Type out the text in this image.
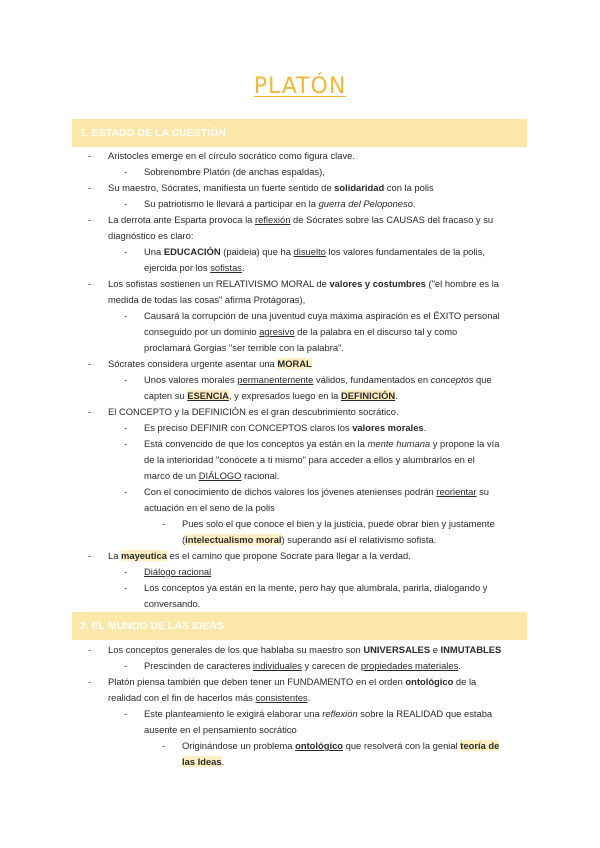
PLATÓN
1. ESTADO DE LA CUESTIÓN
- Aristocles emerge en el círculo socrático como figura clave.
- Sobrenombre Platón (de anchas espaldas),
- Su maestro, Sócrates, manifiesta un fuerte sentido de solidaridad con la polis
- Su patriotismo le llevará a participar en la guerra del Peloponeso.
- La derrota ante Esparta provoca la reflexión de Sócrates sobre las CAUSAS del fracaso y su
diagnóstico es claro:
- Una EDUCACIÓN (paideia) que ha disuelto los valores fundamentales de la polis,
ejercida por los sofistas.
- Los sofistas sostienen un RELATIVISMO MORAL de valores y costumbres ("el hombre es la
medida de todas las cosas" afirma Protágoras),
- Causará la corrupción de una juventud cuya máxima aspiración es el ÉXITO personal
conseguido por un dominio agresivo de la palabra en el discurso tal y como
proclamará Gorgias "ser terrible con la palabra".
- Sócrates considera urgente asentar una MORAL
- Unos valores morales permanentemente válidos, fundamentados en conceptos que
capten su ESENCIA, y expresados luego en la DEFINICIÓN.
- El CONCEPTO y la DEFINICIÓN es el gran descubrimiento socrático.
- Es preciso DEFINIR con CONCEPTOS claros los valores morales.
- Está convencido de que los conceptos ya están en la mente humana y propone la vía
de la interioridad "conócete a ti mismo" para acceder a ellos y alumbrarlos en el
marco de un DIÁLOGO racional.
- Con el conocimiento de dichos valores los jóvenes atenienses podrán reorientar su
actuación en el seno de la polis
- Pues solo el que conoce el bien y la justicia, puede obrar bien y justamente
(intelectualismo moral) superando así el relativismo sofista.
- La mayeutica es el camino que propone Socrate para llegar a la verdad.
- Diálogo racional
- Los conceptos ya están en la mente, pero hay que alumbrala, parirla, dialogando y
conversando.
2. EL MUNDO DE LAS IDEAS
- Los conceptos generales de los que hablaba su maestro son UNIVERSALES e INMUTABLES
- Prescinden de caracteres individuales y carecen de propiedades materiales.
- Platón piensa también que deben tener un FUNDAMENTO en el orden ontológico de la
realidad con el fin de hacerlos más consistentes.
- Este planteamiento le exigirá elaborar una reflexión sobre la REALIDAD que estaba
ausente en el pensamiento socrático
- Originándose un problema ontológico que resolverá con la genial teoría de
las Ideas.
